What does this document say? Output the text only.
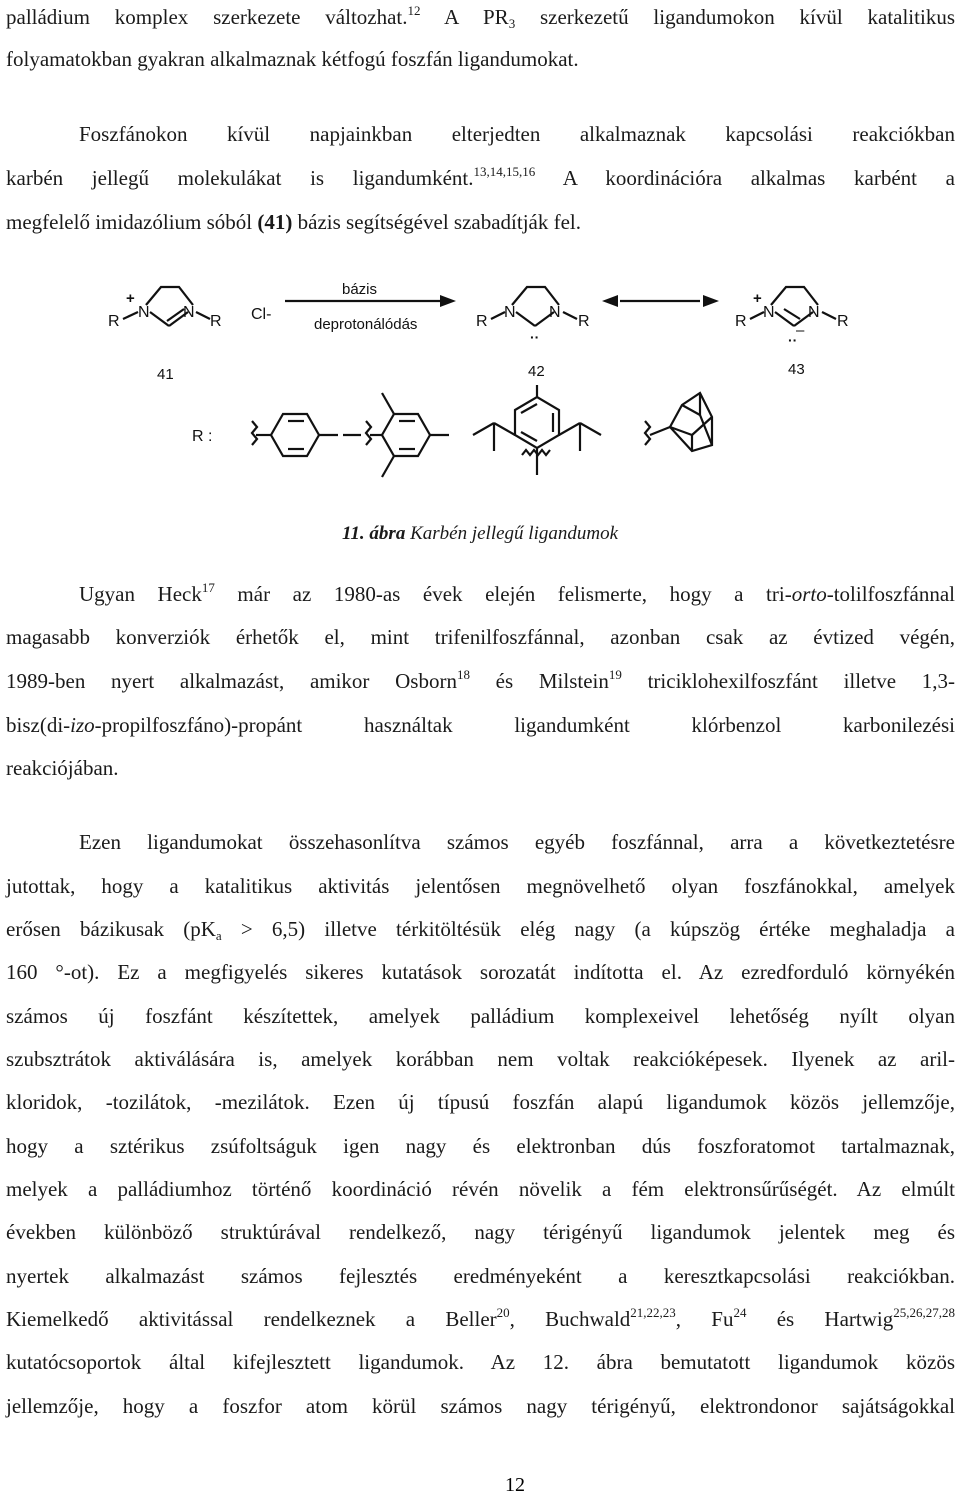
palládium komplex szerkezete változhat.$^{12}$ A $PR_3$ szerkezetű ligandumokon kívül katalitikus
folyamatokban gyakran alkalmaznak kétfogú foszfán ligandumokat.
Foszfánokon kívül napjainkban elterjedten alkalmaznak kapcsolási reakciókban
karbén jellegű molekulákat is ligandumként.$^{13,14,15,16}$ A koordinációra alkalmas karbént a
megfelelő imidazólium sóból (41) bázis segítségével szabadítják fel.
R
N N
R
+
Cl-
bázis
deprotonálódás	R
N N
R
··
R
N N
R
+
–
··
41	42	43
R :
11. ábra Karbén jellegű ligandumok
Ugyan Heck$^{17}$ már az 1980-as évek elején felismerte, hogy a tri-orto-tolilfoszfánnal
magasabb konverziók érhetők el, mint trifenilfoszfánnal, azonban csak az évtized végén,
1989-ben nyert alkalmazást, amikor Osborn$^{18}$ és Milstein$^{19}$ triciklohexilfoszfánt illetve 1,3-
bisz(di-izo-propilfoszfáno)-propánt használtak ligandumként klórbenzol karbonilezési
reakciójában.
Ezen ligandumokat összehasonlítva számos egyéb foszfánnal, arra a következtetésre
jutottak, hogy a katalitikus aktivitás jelentősen megnövelhető olyan foszfánokkal, amelyek
erősen bázikusak $(pK_a > 6,5)$ illetve térkitöltésük elég nagy (a kúpszög értéke meghaladja a
160 °-ot). Ez a megfigyelés sikeres kutatások sorozatát indította el. Az ezredforduló környékén
számos új foszfánt készítettek, amelyek palládium komplexeivel lehetőség nyílt olyan
szubsztrátok aktiválására is, amelyek korábban nem voltak reakcióképesek. Ilyenek az aril-
kloridok, -tozilátok, -mezilátok. Ezen új típusú foszfán alapú ligandumok közös jellemzője,
hogy a sztérikus zsúfoltságuk igen nagy és elektronban dús foszforatomot tartalmaznak,
melyek a palládiumhoz történő koordináció révén növelik a fém elektronsűrűségét. Az elmúlt
években különböző struktúrával rendelkező, nagy térigényű ligandumok jelentek meg és
nyertek alkalmazást számos fejlesztés eredményeként a keresztkapcsolási reakciókban.
Kiemelkedő aktivitással rendelkeznek a Beller$^{20}$, Buchwald$^{21,22,23}$, Fu$^{24}$ és Hartwig$^{25,26,27,28}$
kutatócsoportok által kifejlesztett ligandumok. Az 12. ábra bemutatott ligandumok közös
jellemzője, hogy a foszfor atom körül számos nagy térigényű, elektrondonor sajátságokkal
12
